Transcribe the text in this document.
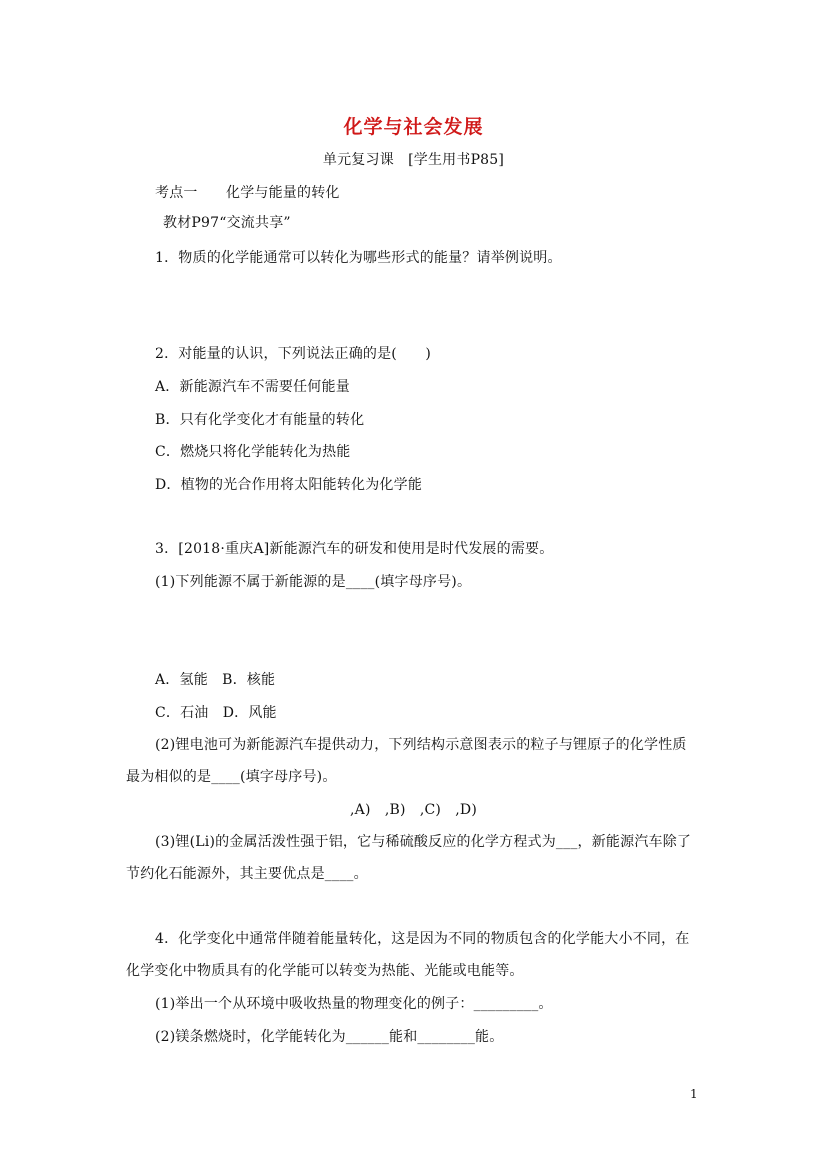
化学与社会发展
单元复习课　[学生用书P85]
考点一　　化学与能量的转化
教材P97“交流共享”
1．物质的化学能通常可以转化为哪些形式的能量？请举例说明。
2．对能量的认识，下列说法正确的是(　　)
A．新能源汽车不需要任何能量
B．只有化学变化才有能量的转化
C．燃烧只将化学能转化为热能
D．植物的光合作用将太阳能转化为化学能
3．[2018·重庆A]新能源汽车的研发和使用是时代发展的需要。
(1)下列能源不属于新能源的是____(填字母序号)。
A．氢能　B．核能
C．石油　D．风能
(2)锂电池可为新能源汽车提供动力，下列结构示意图表示的粒子与锂原子的化学性质
最为相似的是____(填字母序号)。
,A)　,B)　,C)　,D)
(3)锂(Li)的金属活泼性强于铝，它与稀硫酸反应的化学方程式为___，新能源汽车除了
节约化石能源外，其主要优点是____。
4．化学变化中通常伴随着能量转化，这是因为不同的物质包含的化学能大小不同，在
化学变化中物质具有的化学能可以转变为热能、光能或电能等。
(1)举出一个从环境中吸收热量的物理变化的例子：_________。
(2)镁条燃烧时，化学能转化为______能和________能。
1
